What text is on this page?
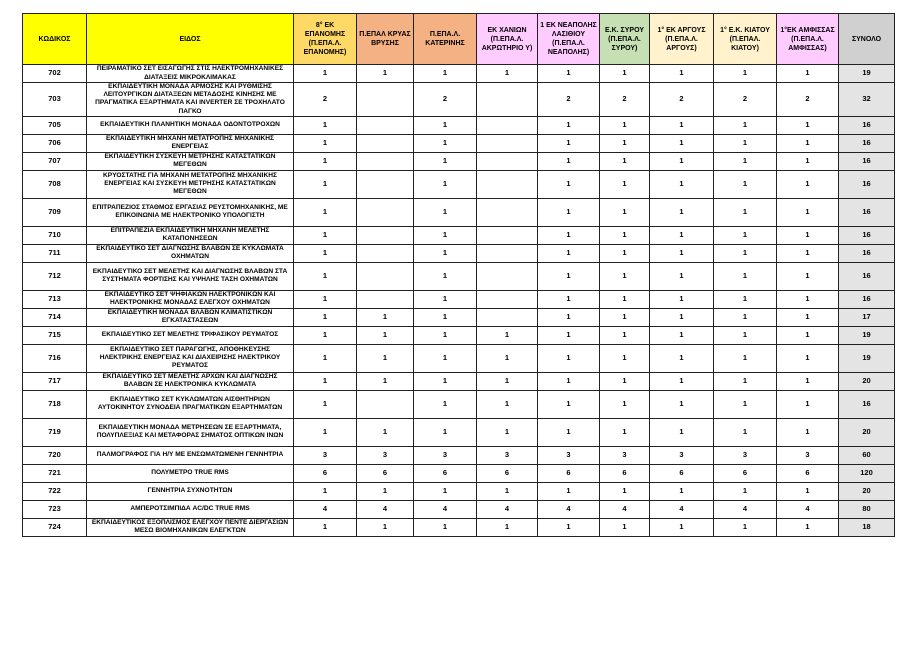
ΚΩΔΙΚΟΣ	ΕΙΔΟΣ	8° ΕΚ ΕΠΑΝΟΜΗΣ (Π.ΕΠΑ.Λ. ΕΠΑΝΟΜΗΣ)	Π.ΕΠΑΛ ΚΡΥΑΣ ΒΡΥΣΗΣ	Π.ΕΠΑ.Λ. ΚΑΤΕΡΙΝΗΣ	ΕΚ ΧΑΝΙΩΝ (Π.ΕΠΑ.Λ. ΑΚΡΩΤΗΡΙΟ Υ)	1 ΕΚ ΝΕΑΠΟΛΗΣ ΛΑΣΙΘΙΟΥ (Π.ΕΠΑ.Λ. ΝΕΑΠΟΛΗΣ)	Ε.Κ. ΣΥΡΟΥ (Π.ΕΠΑ.Λ. ΣΥΡΟΥ)	1° ΕΚ ΑΡΓΟΥΣ (Π.ΕΠΑ.Λ. ΑΡΓΟΥΣ)	1° Ε.Κ. ΚΙΑΤΟΥ (Π.ΕΠΑΛ. ΚΙΑΤΟΥ)	1°ΕΚ ΑΜΦΙΣΣΑΣ (Π.ΕΠΑ.Λ. ΑΜΦΙΣΣΑΣ)	ΣΥΝΟΛΟ
702	ΠΕΙΡΑΜΑΤΙΚΟ ΣΕΤ ΕΙΣΑΓΩΓΗΣ ΣΤΙΣ ΗΛΕΚΤΡΟΜΗΧΑΝΙΚΕΣ ΔΙΑΤΑΞΕΙΣ ΜΙΚΡΟΚΛΙΜΑΚΑΣ	1	1	1	1	1	1	1	1	1	19
703	ΕΚΠΑΙΔΕΥΤΙΚΗ ΜΟΝΑΔΑ ΑΡΜΟΣΗΣ ΚΑΙ ΡΥΘΜΙΣΗΣ ΛΕΙΤΟΥΡΓΙΚΩΝ ΔΙΑΤΑΞΕΩΝ ΜΕΤΑΔΟΣΗΣ ΚΙΝΗΣΗΣ ΜΕ ΠΡΑΓΜΑΤΙΚΑ ΕΞΑΡΤΗΜΑΤΑ ΚΑΙ INVERTER ΣΕ ΤΡΟΧΗΛΑΤΟ ΠΑΓΚΟ	2		2		2	2	2	2	2	32
705	ΕΚΠΑΙΔΕΥΤΙΚΗ ΠΛΑΝΗΤΙΚΗ ΜΟΝΑΔΑ ΟΔΟΝΤΟΤΡΟΧΩΝ	1		1		1	1	1	1	1	16
706	ΕΚΠΑΙΔΕΥΤΙΚΗ ΜΗΧΑΝΗ ΜΕΤΑΤΡΟΠΗΣ ΜΗΧΑΝΙΚΗΣ ΕΝΕΡΓΕΙΑΣ	1		1		1	1	1	1	1	16
707	ΕΚΠΑΙΔΕΥΤΙΚΗ ΣΥΣΚΕΥΗ ΜΕΤΡΗΣΗΣ ΚΑΤΑΣΤΑΤΙΚΩΝ ΜΕΓΕΘΩΝ	1		1		1	1	1	1	1	16
708	ΚΡΥΟΣΤΑΤΗΣ ΓΙΑ ΜΗΧΑΝΗ ΜΕΤΑΤΡΟΠΗΣ ΜΗΧΑΝΙΚΗΣ ΕΝΕΡΓΕΙΑΣ ΚΑΙ ΣΥΣΚΕΥΗ ΜΕΤΡΗΣΗΣ ΚΑΤΑΣΤΑΤΙΚΩΝ ΜΕΓΕΘΩΝ	1		1		1	1	1	1	1	16
709	ΕΠΙΤΡΑΠΕΖΙΟΣ ΣΤΑΘΜΟΣ ΕΡΓΑΣΙΑΣ ΡΕΥΣΤΟΜΗΧΑΝΙΚΗΣ, ΜΕ ΕΠΙΚΟΙΝΩΝΙΑ ΜΕ ΗΛΕΚΤΡΟΝΙΚΟ ΥΠΟΛΟΓΙΣΤΗ	1		1		1	1	1	1	1	16
710	ΕΠΙΤΡΑΠΕΖΙΑ ΕΚΠΑΙΔΕΥΤΙΚΗ ΜΗΧΑΝΗ ΜΕΛΕΤΗΣ ΚΑΤΑΠΟΝΗΣΕΩΝ	1		1		1	1	1	1	1	16
711	ΕΚΠΑΙΔΕΥΤΙΚΟ ΣΕΤ ΔΙΑΓΝΩΣΗΣ ΒΛΑΒΩΝ ΣΕ ΚΥΚΛΩΜΑΤΑ ΟΧΗΜΑΤΩΝ	1		1		1	1	1	1	1	16
712	ΕΚΠΑΙΔΕΥΤΙΚΟ ΣΕΤ ΜΕΛΕΤΗΣ ΚΑΙ ΔΙΑΓΝΩΣΗΣ ΒΛΑΒΩΝ ΣΤΑ ΣΥΣΤΗΜΑΤΑ ΦΟΡΤΙΣΗΣ ΚΑΙ ΥΨΗΛΗΣ ΤΑΣΗ ΟΧΗΜΑΤΩΝ	1		1		1	1	1	1	1	16
713	ΕΚΠΑΙΔΕΥΤΙΚΟ ΣΕΤ ΨΗΦΙΑΚΩΝ ΗΛΕΚΤΡΟΝΙΚΩΝ ΚΑΙ ΗΛΕΚΤΡΟΝΙΚΗΣ ΜΟΝΑΔΑΣ ΕΛΕΓΧΟΥ ΟΧΗΜΑΤΩΝ	1		1		1	1	1	1	1	16
714	ΕΚΠΑΙΔΕΥΤΙΚΗ ΜΟΝΑΔΑ ΒΛΑΒΩΝ ΚΛΙΜΑΤΙΣΤΙΚΩΝ ΕΓΚΑΤΑΣΤΑΣΕΩΝ	1	1	1		1	1	1	1	1	17
715	ΕΚΠΑΙΔΕΥΤΙΚΟ ΣΕΤ ΜΕΛΕΤΗΣ ΤΡΙΦΑΣΙΚΟΥ ΡΕΥΜΑΤΟΣ	1	1	1	1	1	1	1	1	1	19
716	ΕΚΠΑΙΔΕΥΤΙΚΟ ΣΕΤ ΠΑΡΑΓΩΓΗΣ, ΑΠΟΘΗΚΕΥΣΗΣ ΗΛΕΚΤΡΙΚΗΣ ΕΝΕΡΓΕΙΑΣ ΚΑΙ ΔΙΑΧΕΙΡΙΣΗΣ ΗΛΕΚΤΡΙΚΟΥ ΡΕΥΜΑΤΟΣ	1	1	1	1	1	1	1	1	1	19
717	ΕΚΠΑΙΔΕΥΤΙΚΟ ΣΕΤ ΜΕΛΕΤΗΣ ΑΡΧΩΝ ΚΑΙ ΔΙΑΓΝΩΣΗΣ ΒΛΑΒΩΝ ΣΕ ΗΛΕΚΤΡΟΝΙΚΑ ΚΥΚΛΩΜΑΤΑ	1	1	1	1	1	1	1	1	1	20
718	ΕΚΠΑΙΔΕΥΤΙΚΟ ΣΕΤ ΚΥΚΛΩΜΑΤΩΝ ΑΙΣΘΗΤΗΡΙΩΝ ΑΥΤΟΚΙΝΗΤΟΥ ΣΥΝΟΔΕΙΑ ΠΡΑΓΜΑΤΙΚΩΝ ΕΞΑΡΤΗΜΑΤΩΝ	1		1	1	1	1	1	1	1	16
719	ΕΚΠΑΙΔΕΥΤΙΚΗ ΜΟΝΑΔΑ ΜΕΤΡΗΣΕΩΝ ΣΕ ΕΞΑΡΤΗΜΑΤΑ, ΠΟΛΥΠΛΕΞΙΑΣ ΚΑΙ ΜΕΤΑΦΟΡΑΣ ΣΗΜΑΤΟΣ ΟΠΤΙΚΩΝ ΙΝΩΝ	1	1	1	1	1	1	1	1	1	20
720	ΠΑΛΜΟΓΡΑΦΟΣ ΓΙΑ Η/Υ ΜΕ ΕΝΣΩΜΑΤΩΜΕΝΗ ΓΕΝΝΗΤΡΙΑ	3	3	3	3	3	3	3	3	3	60
721	ΠΟΛΥΜΕΤΡΟ TRUE RMS	6	6	6	6	6	6	6	6	6	120
722	ΓΕΝΝΗΤΡΙΑ ΣΥΧΝΟΤΗΤΩΝ	1	1	1	1	1	1	1	1	1	20
723	ΑΜΠΕΡΟΤΣΙΜΠΙΔΑ AC/DC TRUE RMS	4	4	4	4	4	4	4	4	4	80
724	ΕΚΠΑΙΔΕΥΤΙΚΟΣ ΕΞΟΠΛΙΣΜΟΣ ΕΛΕΓΧΟΥ ΠΕΝΤΕ ΔΙΕΡΓΑΣΙΩΝ ΜΕΣΩ ΒΙΟΜΗΧΑΝΙΚΩΝ ΕΛΕΓΚΤΩΝ	1	1	1	1	1	1	1	1	1	18
